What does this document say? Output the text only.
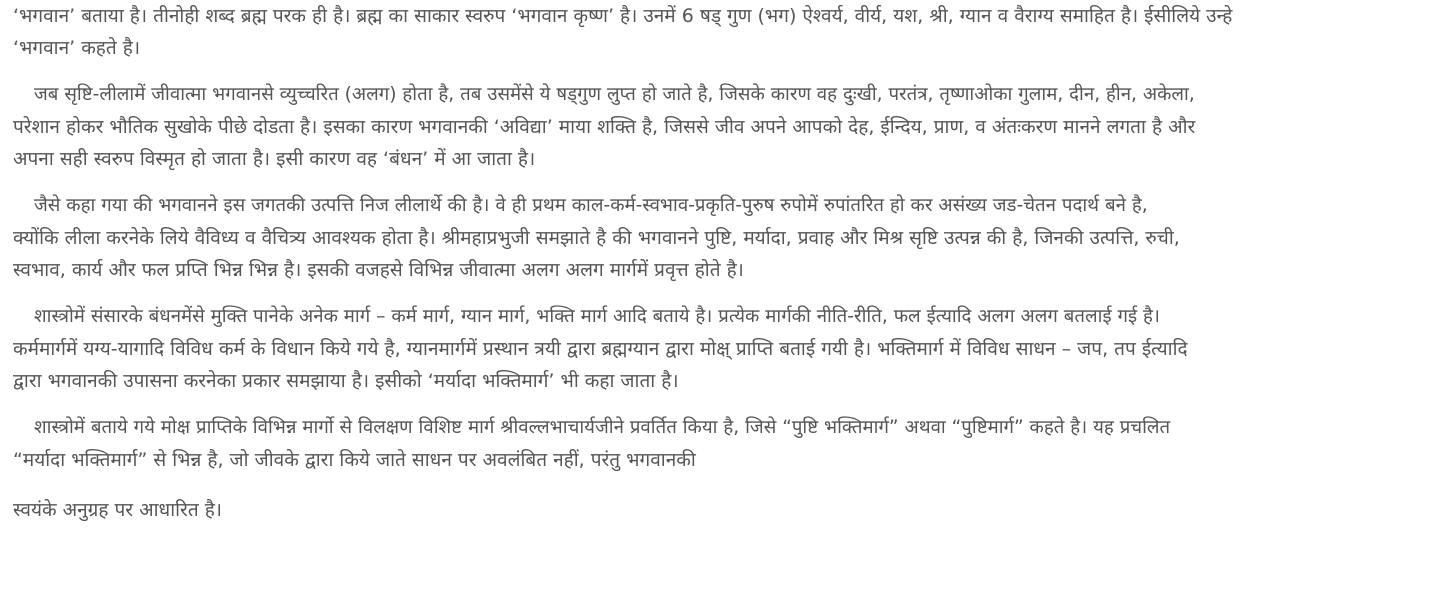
‘भगवान’ बताया है। तीनोही शब्द ब्रह्म परक ही है। ब्रह्म का साकार स्वरुप ‘भगवान कृष्ण’ है। उनमें 6 षड् गुण (भग) ऐश्वर्य, वीर्य, यश, श्री, ग्यान व वैराग्य समाहित है। ईसीलिये उन्हे
‘भगवान’ कहते है।

जब सृष्टि-लीलामें जीवात्मा भगवानसे व्युच्चरित (अलग) होता है, तब उसमेंसे ये षड्गुण लुप्त हो जाते है, जिसके कारण वह दुःखी, परतंत्र, तृष्णाओका गुलाम, दीन, हीन, अकेला,
परेशान होकर भौतिक सुखोके पीछे दोडता है। इसका कारण भगवानकी ‘अविद्या’ माया शक्ति है, जिससे जीव अपने आपको देह, ईन्दिय, प्राण, व अंतःकरण मानने लगता है और
अपना सही स्वरुप विस्मृत हो जाता है। इसी कारण वह ‘बंधन’ में आ जाता है।

जैसे कहा गया की भगवानने इस जगतकी उत्पत्ति निज लीलार्थे की है। वे ही प्रथम काल-कर्म-स्वभाव-प्रकृति-पुरुष रुपोमें रुपांतरित हो कर असंख्य जड-चेतन पदार्थ बने है,
क्योंकि लीला करनेके लिये वैविध्य व वैचित्र्य आवश्यक होता है। श्रीमहाप्रभुजी समझाते है की भगवानने पुष्टि, मर्यादा, प्रवाह और मिश्र सृष्टि उत्पन्न की है, जिनकी उत्पत्ति, रुची,
स्वभाव, कार्य और फल प्रप्ति भिन्न भिन्न है। इसकी वजहसे विभिन्न जीवात्मा अलग अलग मार्गमें प्रवृत्त होते है।

शास्त्रोमें संसारके बंधनमेंसे मुक्ति पानेके अनेक मार्ग – कर्म मार्ग, ग्यान मार्ग, भक्ति मार्ग आदि बताये है। प्रत्येक मार्गकी नीति-रीति, फल ईत्यादि अलग अलग बतलाई गई है।
कर्ममार्गमें यग्य-यागादि विविध कर्म के विधान किये गये है, ग्यानमार्गमें प्रस्थान त्रयी द्वारा ब्रह्मग्यान द्वारा मोक्ष् प्राप्ति बताई गयी है। भक्तिमार्ग में विविध साधन – जप, तप ईत्यादि
द्वारा भगवानकी उपासना करनेका प्रकार समझाया है। इसीको ‘मर्यादा भक्तिमार्ग’ भी कहा जाता है।

शास्त्रोमें बताये गये मोक्ष प्राप्तिके विभिन्न मार्गो से विलक्षण विशिष्ट मार्ग श्रीवल्लभाचार्यजीने प्रवर्तित किया है, जिसे “पुष्टि भक्तिमार्ग” अथवा “पुष्टिमार्ग” कहते है। यह प्रचलित
“मर्यादा भक्तिमार्ग” से भिन्न है, जो जीवके द्वारा किये जाते साधन पर अवलंबित नहीं, परंतु भगवानकी

स्वयंके अनुग्रह पर आधारित है।
